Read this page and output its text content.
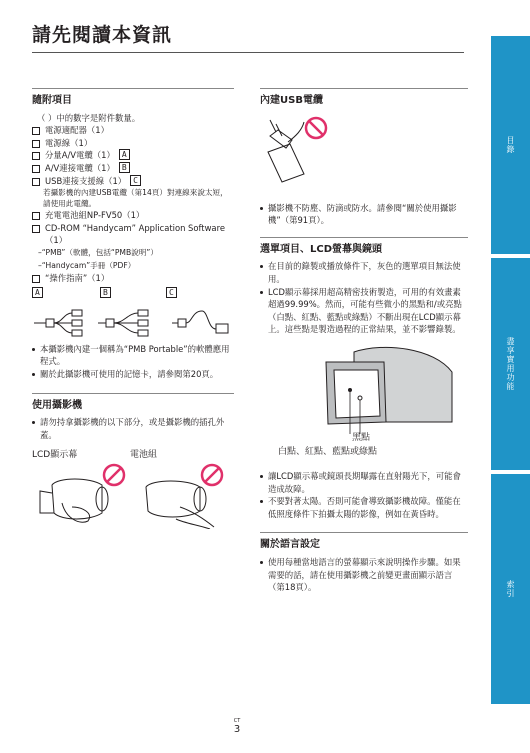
請先閱讀本資訊
隨附項目
（ ）中的數字是附件數量。
電源適配器（1）
電源線（1）
分量A/V電纜（1） A
A/V連接電纜（1） B
USB連接支援線（1） C
若攝影機的內建USB電纜（第14頁）對連線來說太短，請使用此電纜。
充電電池組NP-FV50（1）
CD-ROM “Handycam” Application Software（1）
–“PMB”（軟體，包括“PMB說明”）
–“Handycam”手冊（PDF）
“操作指南”（1）
A	B	C
本攝影機內建一個稱為“PMB Portable”的軟體應用程式。
關於此攝影機可使用的記憶卡，請參閱第20頁。
使用攝影機
請勿持拿攝影機的以下部分，或是攝影機的插孔外蓋。
LCD顯示幕	電池組
內建USB電纜
攝影機不防塵、防滴或防水。請參閱“關於使用攝影機”（第91頁）。
選單項目、LCD螢幕與鏡頭
在目前的錄製或播放條件下，灰色的選單項目無法使用。
LCD顯示幕採用超高精密技術製造，可用的有效畫素超過99.99%。然而，可能有些微小的黑點和/或亮點（白點、紅點、藍點或綠點）不斷出現在LCD顯示幕上。這些點是製造過程的正常結果，並不影響錄製。
黑點
白點、紅點、藍點或綠點
讓LCD顯示幕或鏡頭長期曝露在直射陽光下，可能會造成故障。
不要對著太陽。否則可能會導致攝影機故障。僅能在低照度條件下拍攝太陽的影像，例如在黃昏時。
關於語言設定
使用每種當地語言的螢幕顯示來說明操作步驟。如果需要的話，請在使用攝影機之前變更畫面顯示語言（第18頁）。
目錄
盡享實用功能
索引
CT
3
